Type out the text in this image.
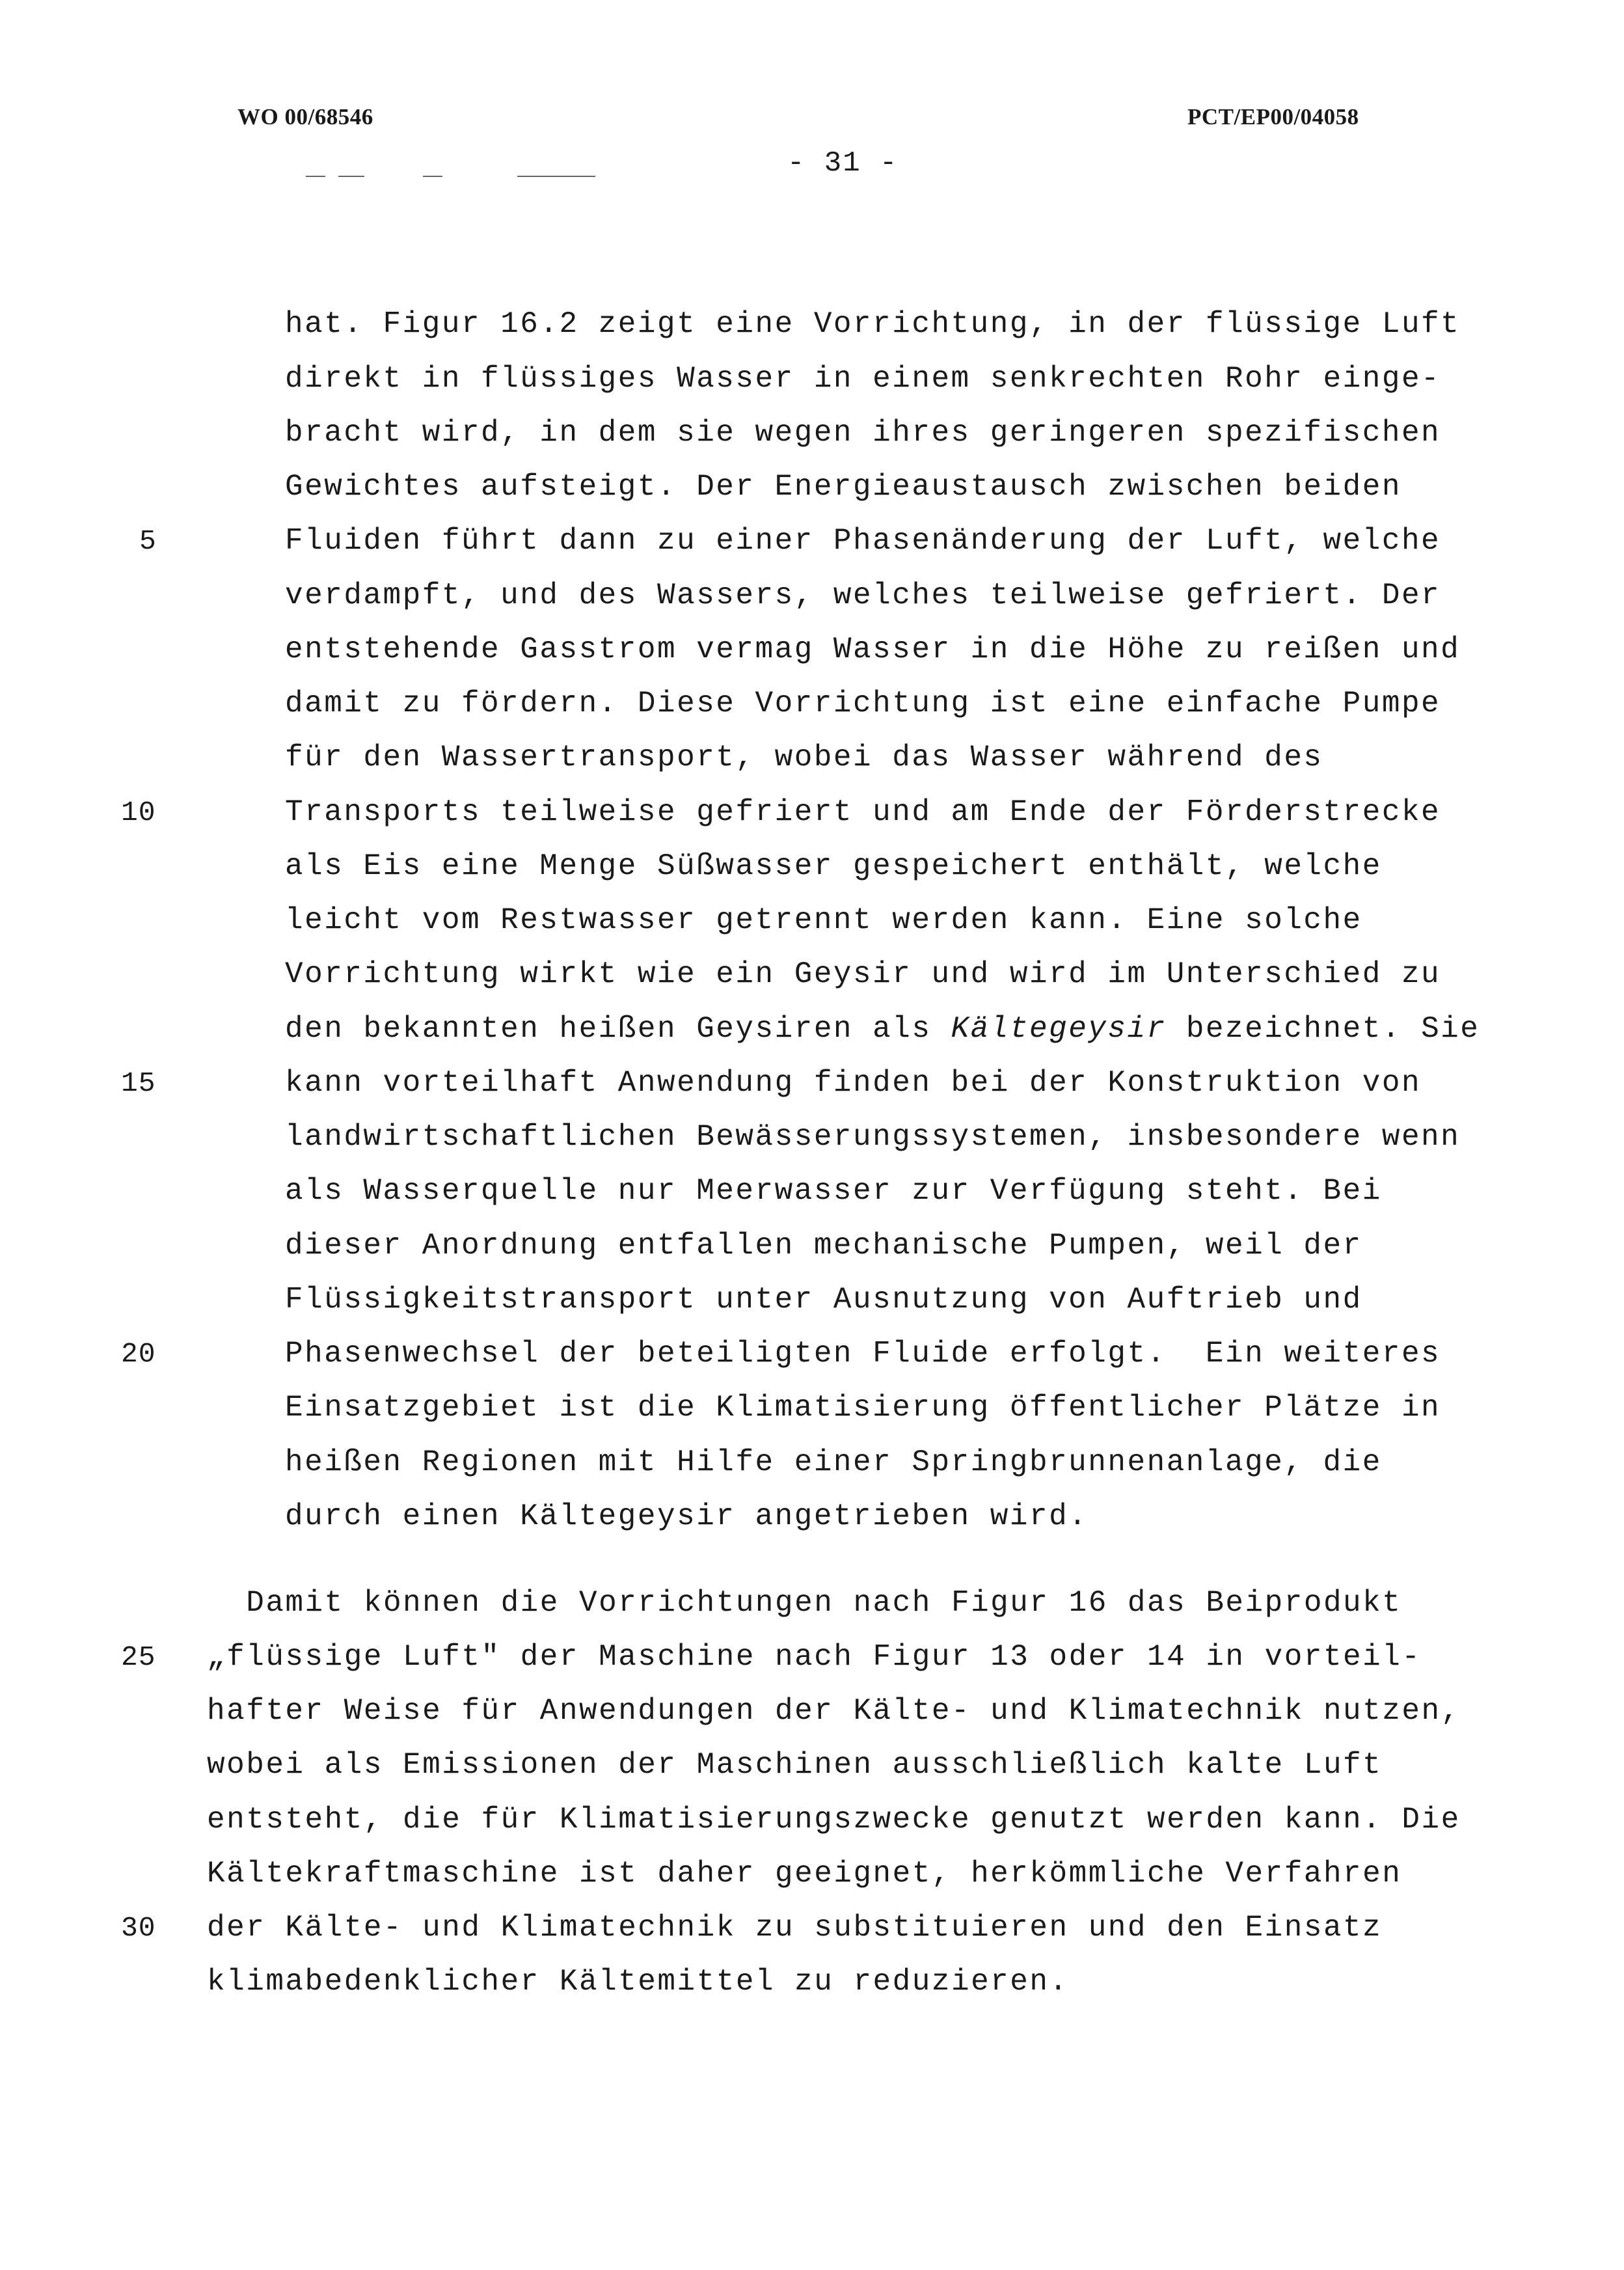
WO 00/68546	PCT/EP00/04058
- 31 -
hat. Figur 16.2 zeigt eine Vorrichtung, in der flüssige Luft
direkt in flüssiges Wasser in einem senkrechten Rohr einge-
bracht wird, in dem sie wegen ihres geringeren spezifischen
Gewichtes aufsteigt. Der Energieaustausch zwischen beiden
Fluiden führt dann zu einer Phasenänderung der Luft, welche
verdampft, und des Wassers, welches teilweise gefriert. Der
entstehende Gasstrom vermag Wasser in die Höhe zu reißen und
damit zu fördern. Diese Vorrichtung ist eine einfache Pumpe
für den Wassertransport, wobei das Wasser während des
Transports teilweise gefriert und am Ende der Förderstrecke
als Eis eine Menge Süßwasser gespeichert enthält, welche
leicht vom Restwasser getrennt werden kann. Eine solche
Vorrichtung wirkt wie ein Geysir und wird im Unterschied zu
den bekannten heißen Geysiren als Kältegeysir bezeichnet. Sie
kann vorteilhaft Anwendung finden bei der Konstruktion von
landwirtschaftlichen Bewässerungssystemen, insbesondere wenn
als Wasserquelle nur Meerwasser zur Verfügung steht. Bei
dieser Anordnung entfallen mechanische Pumpen, weil der
Flüssigkeitstransport unter Ausnutzung von Auftrieb und
Phasenwechsel der beteiligten Fluide erfolgt.  Ein weiteres
Einsatzgebiet ist die Klimatisierung öffentlicher Plätze in
heißen Regionen mit Hilfe einer Springbrunnenanlage, die
durch einen Kältegeysir angetrieben wird.
Damit können die Vorrichtungen nach Figur 16 das Beiprodukt
„flüssige Luft" der Maschine nach Figur 13 oder 14 in vorteil-
hafter Weise für Anwendungen der Kälte- und Klimatechnik nutzen,
wobei als Emissionen der Maschinen ausschließlich kalte Luft
entsteht, die für Klimatisierungszwecke genutzt werden kann. Die
Kältekraftmaschine ist daher geeignet, herkömmliche Verfahren
der Kälte- und Klimatechnik zu substituieren und den Einsatz
klimabedenklicher Kältemittel zu reduzieren.
5
10
15
20
25
30
